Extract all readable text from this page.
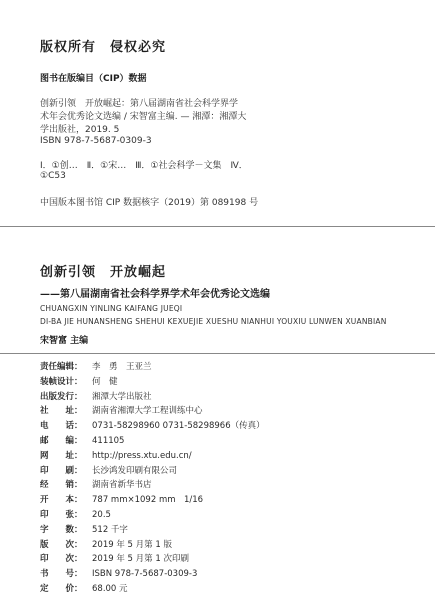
版权所有　侵权必究
图书在版编目（CIP）数据
创新引领　开放崛起：第八届湖南省社会科学界学
术年会优秀论文选编 / 宋智富主编. — 湘潭：湘潭大
学出版社，2019. 5
ISBN 978-7-5687-0309-3
Ⅰ．①创…　Ⅱ．①宋…　Ⅲ．①社会科学－文集　Ⅳ．
①C53
中国版本图书馆 CIP 数据核字（2019）第 089198 号
创新引领　开放崛起
——第八届湖南省社会科学界学术年会优秀论文选编
CHUANGXIN YINLING KAIFANG JUEQI
DI-BA JIE HUNANSHENG SHEHUI KEXUEJIE XUESHU NIANHUI YOUXIU LUNWEN XUANBIAN
宋智富 主编
责任编辑： 李　勇　王亚兰
装帧设计： 何　健
出版发行： 湘潭大学出版社
社　　址： 湖南省湘潭大学工程训练中心
电　　话： 0731-58298960 0731-58298966（传真）
邮　　编： 411105
网　　址： http://press.xtu.edu.cn/
印　　刷： 长沙鸿发印刷有限公司
经　　销： 湖南省新华书店
开　　本： 787 mm×1092 mm　1/16
印　　张： 20.5
字　　数： 512 千字
版　　次： 2019 年 5 月第 1 版
印　　次： 2019 年 5 月第 1 次印刷
书　　号： ISBN 978-7-5687-0309-3
定　　价： 68.00 元
